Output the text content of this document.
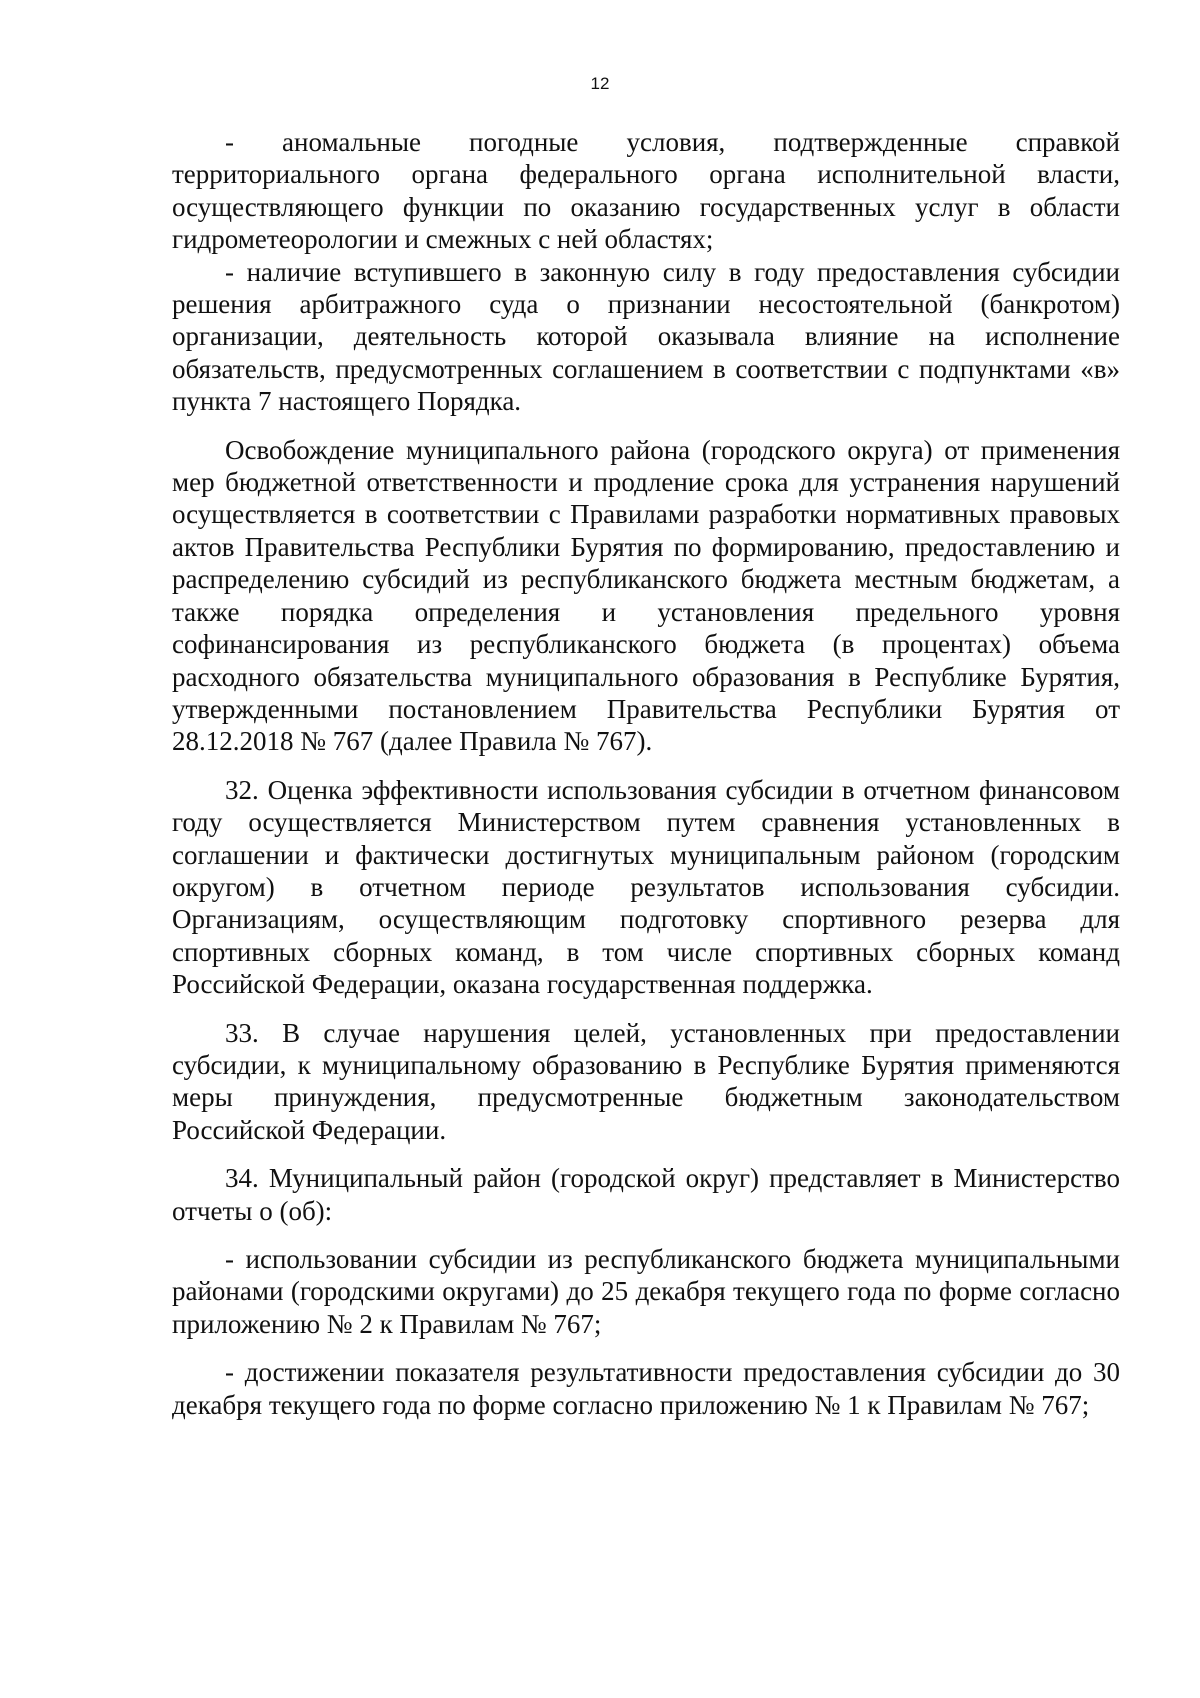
12

- аномальные погодные условия, подтвержденные справкой территориального органа федерального органа исполнительной власти, осуществляющего функции по оказанию государственных услуг в области гидрометеорологии и смежных с ней областях;

- наличие вступившего в законную силу в году предоставления субсидии решения арбитражного суда о признании несостоятельной (банкротом) организации, деятельность которой оказывала влияние на исполнение обязательств, предусмотренных соглашением в соответствии с подпунктами «в» пункта 7 настоящего Порядка.

Освобождение муниципального района (городского округа) от применения мер бюджетной ответственности и продление срока для устранения нарушений осуществляется в соответствии с Правилами разработки нормативных правовых актов Правительства Республики Бурятия по формированию, предоставлению и распределению субсидий из республиканского бюджета местным бюджетам, а также порядка определения и установления предельного уровня софинансирования из республиканского бюджета (в процентах) объема расходного обязательства муниципального образования в Республике Бурятия, утвержденными постановлением Правительства Республики Бурятия от 28.12.2018 № 767 (далее Правила № 767).

32. Оценка эффективности использования субсидии в отчетном финансовом году осуществляется Министерством путем сравнения установленных в соглашении и фактически достигнутых муниципальным районом (городским округом) в отчетном периоде результатов использования субсидии. Организациям, осуществляющим подготовку спортивного резерва для спортивных сборных команд, в том числе спортивных сборных команд Российской Федерации, оказана государственная поддержка.

33. В случае нарушения целей, установленных при предоставлении субсидии, к муниципальному образованию в Республике Бурятия применяются меры принуждения, предусмотренные бюджетным законодательством Российской Федерации.

34. Муниципальный район (городской округ) представляет в Министерство отчеты о (об):

- использовании субсидии из республиканского бюджета муниципальными районами (городскими округами) до 25 декабря текущего года по форме согласно приложению № 2 к Правилам № 767;

- достижении показателя результативности предоставления субсидии до 30 декабря текущего года по форме согласно приложению № 1 к Правилам № 767;
